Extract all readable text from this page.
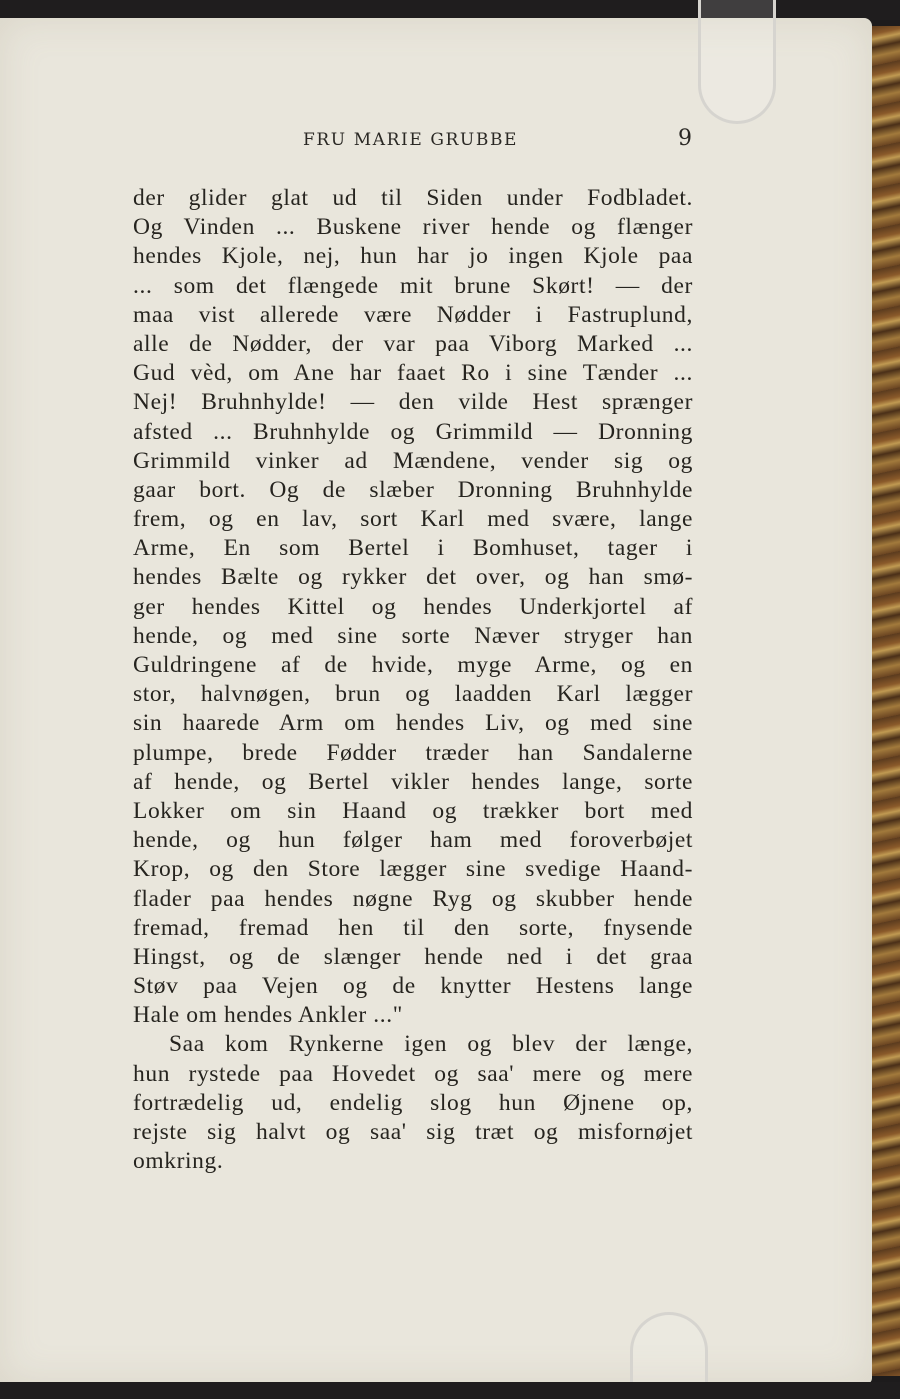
FRU MARIE GRUBBE	9
der glider glat ud til Siden under Fodbladet.
Og Vinden ... Buskene river hende og flænger
hendes Kjole, nej, hun har jo ingen Kjole paa
... som det flængede mit brune Skørt! — der
maa vist allerede være Nødder i Fastruplund,
alle de Nødder, der var paa Viborg Marked ...
Gud vèd, om Ane har faaet Ro i sine Tænder ...
Nej! Bruhnhylde! — den vilde Hest sprænger
afsted ... Bruhnhylde og Grimmild — Dronning
Grimmild vinker ad Mændene, vender sig og
gaar bort. Og de slæber Dronning Bruhnhylde
frem, og en lav, sort Karl med svære, lange
Arme, En som Bertel i Bomhuset, tager i
hendes Bælte og rykker det over, og han smø-
ger hendes Kittel og hendes Underkjortel af
hende, og med sine sorte Næver stryger han
Guldringene af de hvide, myge Arme, og en
stor, halvnøgen, brun og laadden Karl lægger
sin haarede Arm om hendes Liv, og med sine
plumpe, brede Fødder træder han Sandalerne
af hende, og Bertel vikler hendes lange, sorte
Lokker om sin Haand og trækker bort med
hende, og hun følger ham med foroverbøjet
Krop, og den Store lægger sine svedige Haand-
flader paa hendes nøgne Ryg og skubber hende
fremad, fremad hen til den sorte, fnysende
Hingst, og de slænger hende ned i det graa
Støv paa Vejen og de knytter Hestens lange
Hale om hendes Ankler ..."
Saa kom Rynkerne igen og blev der længe,
hun rystede paa Hovedet og saa' mere og mere
fortrædelig ud, endelig slog hun Øjnene op,
rejste sig halvt og saa' sig træt og misfornøjet
omkring.
